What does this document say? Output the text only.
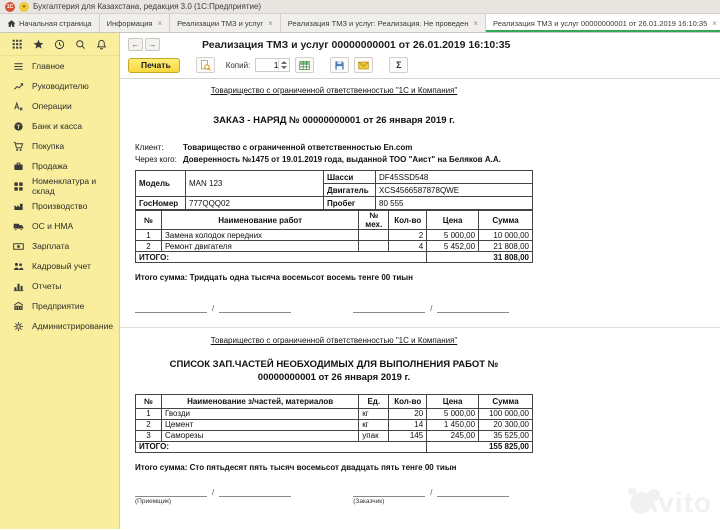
1С	▾ Бухгалтерия для Казахстана, редакция 3.0 (1С:Предприятие)
Начальная страница Информация × Реализации ТМЗ и услуг × Реализация ТМЗ и услуг: Реализация. Не проведен × Реализация ТМЗ и услуг 00000000001 от 26.01.2019 16:10:35 ×
Главное
Руководителю
Операции
Банк и касса
Покупка
Продажа
Номенклатура и склад
Производство
ОС и НМА
Зарплата
Кадровый учет
Отчеты
Предприятие
Администрирование
←	→	Реализация ТМЗ и услуг 00000000001 от 26.01.2019 16:10:35
Печать	Копий:
1	Σ
Товарищество с ограниченной ответственностью "1С и Компания"
ЗАКАЗ - НАРЯД № 00000000001 от 26 января 2019 г.
Клиент:	Товарищество с ограниченной ответственностью En.com
Через кого: Доверенность №1475 от 19.01.2019 года, выданной ТОО "Аист" на Беляков А.А.
Модель	MAN 123	Шасси	DF45SSD548
		Двигатель	XCS4566587878QWE
ГосНомер	777QQQ02	Пробег	80 555
№	Наименование работ	№ мех.	Кол-во	Цена	Сумма
1	Замена колодок передних		2	5 000,00	10 000,00
2	Ремонт двигателя		4	5 452,00	21 808,00
ИТОГО:				31 808,00	
Итого сумма: Тридцать одна тысяча восемьсот восемь тенге 00 тиын
/	/
Товарищество с ограниченной ответственностью "1С и Компания"
СПИСОК ЗАП.ЧАСТЕЙ НЕОБХОДИМЫХ ДЛЯ ВЫПОЛНЕНИЯ РАБОТ №
00000000001 от 26 января 2019 г.
№	Наименование з/частей, материалов	Ед.	Кол-во	Цена	Сумма
1	Гвозди	кг	20	5 000,00	100 000,00
2	Цемент	кг	14	1 450,00	20 300,00
3	Саморезы	упак	145	245,00	35 525,00
ИТОГО:				155 825,00	
Итого сумма: Сто пятьдесят пять тысяч восемьсот двадцать пять тенге 00 тиын
/
(Приемщик)
/
(Заказчик)	Avito
